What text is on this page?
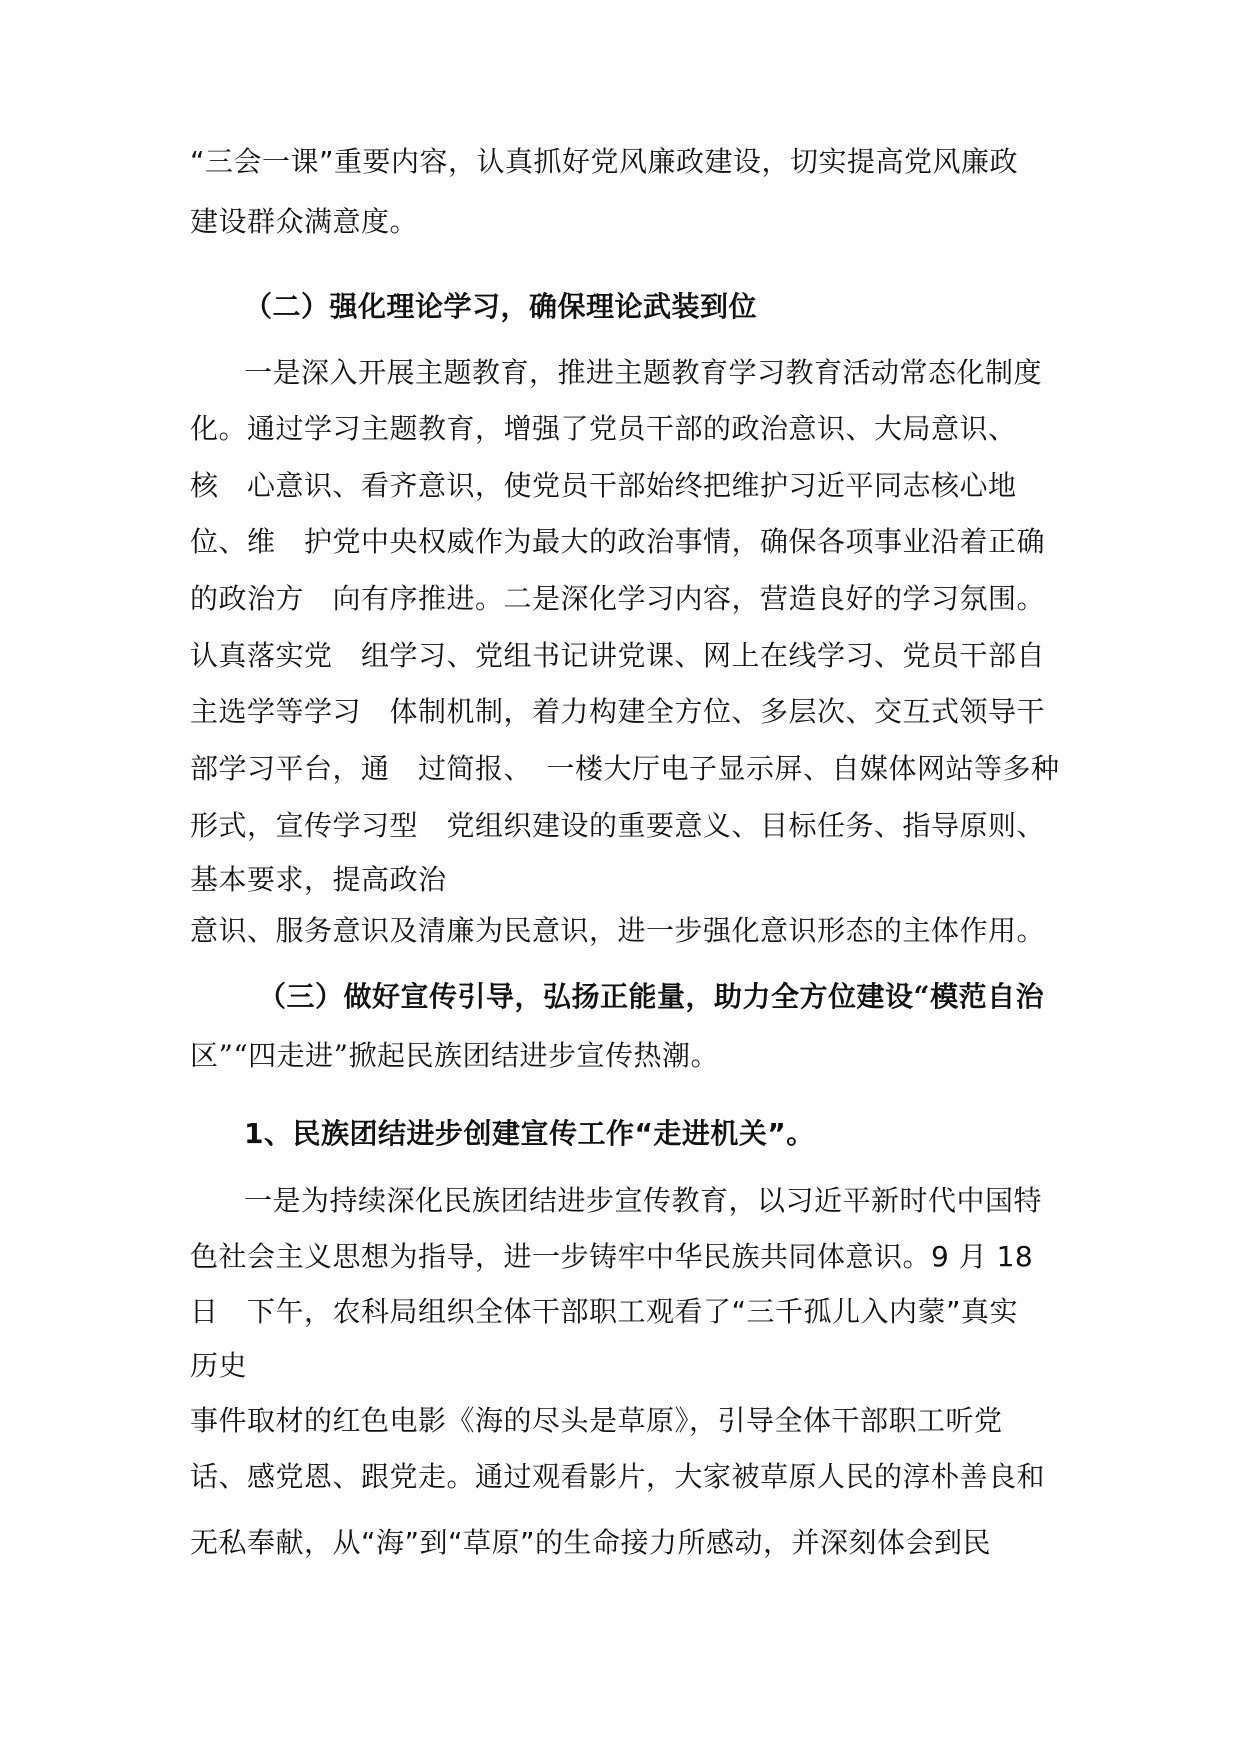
“三会一课”重要内容，认真抓好党风廉政建设，切实提高党风廉政
建设群众满意度。
（二）强化理论学习，确保理论武装到位
一是深入开展主题教育，推进主题教育学习教育活动常态化制度
化。通过学习主题教育，增强了党员干部的政治意识、大局意识、
核　心意识、看齐意识，使党员干部始终把维护习近平同志核心地
位、维　护党中央权威作为最大的政治事情，确保各项事业沿着正确
的政治方　向有序推进。二是深化学习内容，营造良好的学习氛围。
认真落实党　组学习、党组书记讲党课、网上在线学习、党员干部自
主选学等学习　体制机制，着力构建全方位、多层次、交互式领导干
部学习平台，通　过简报、　一楼大厅电子显示屏、自媒体网站等多种
形式，宣传学习型　党组织建设的重要意义、目标任务、指导原则、
基本要求，提高政治
意识、服务意识及清廉为民意识，进一步强化意识形态的主体作用。
（三）做好宣传引导，弘扬正能量，助力全方位建设“模范自治
区”“四走进”掀起民族团结进步宣传热潮。
1、民族团结进步创建宣传工作“走进机关”。
一是为持续深化民族团结进步宣传教育，以习近平新时代中国特
色社会主义思想为指导，进一步铸牢中华民族共同体意识。9 月 18
日　下午，农科局组织全体干部职工观看了“三千孤儿入内蒙”真实
历史
事件取材的红色电影《海的尽头是草原》，引导全体干部职工听党
话、感党恩、跟党走。通过观看影片，大家被草原人民的淳朴善良和
无私奉献，从“海”到“草原”的生命接力所感动，并深刻体会到民
